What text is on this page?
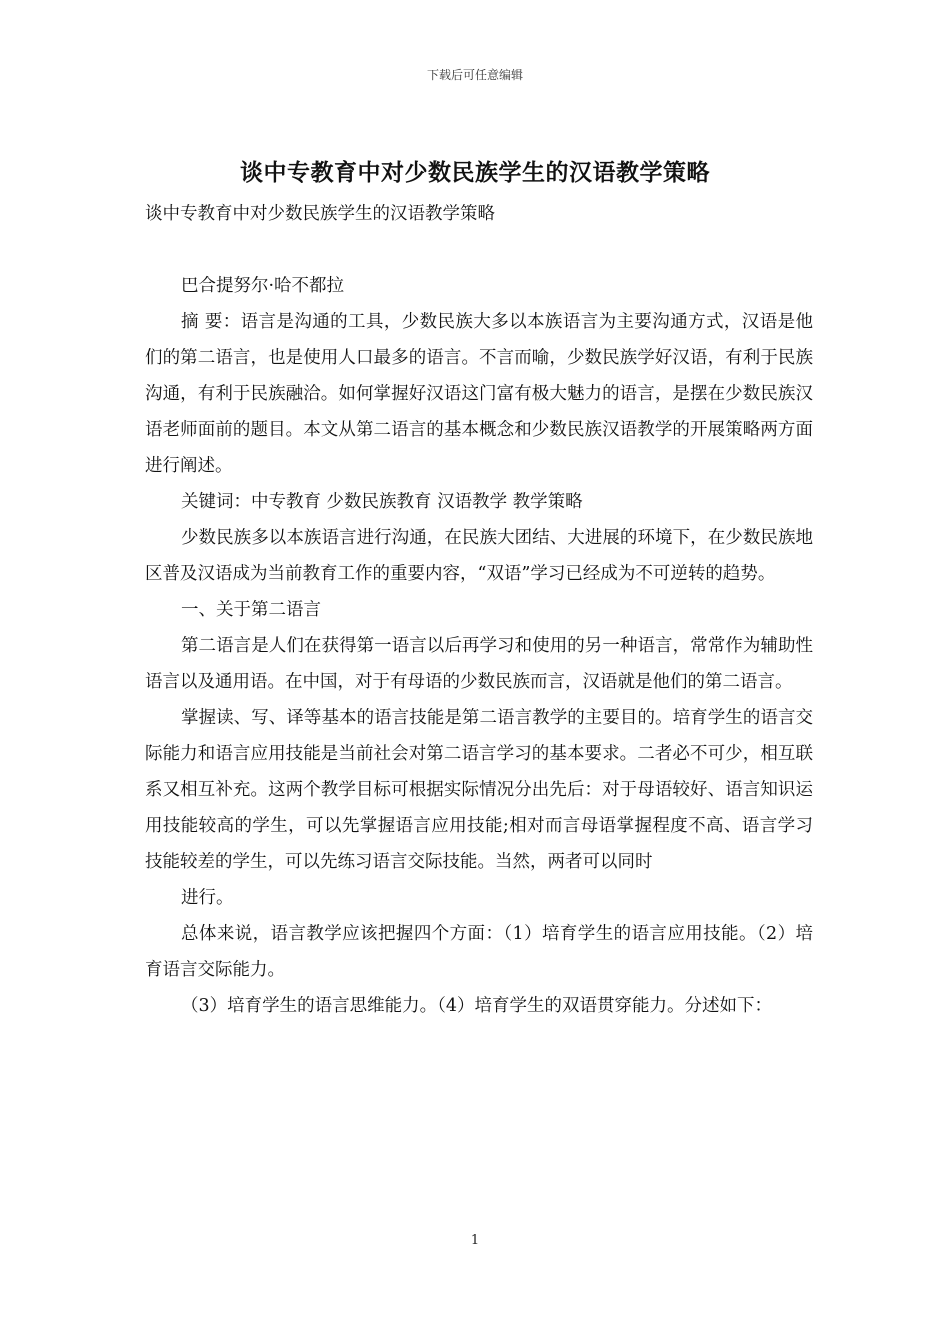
下载后可任意编辑
谈中专教育中对少数民族学生的汉语教学策略

谈中专教育中对少数民族学生的汉语教学策略

巴合提努尔·哈不都拉

摘 要：语言是沟通的工具，少数民族大多以本族语言为主要沟通方式，汉语是他们的第二语言，也是使用人口最多的语言。不言而喻，少数民族学好汉语，有利于民族沟通，有利于民族融洽。如何掌握好汉语这门富有极大魅力的语言，是摆在少数民族汉语老师面前的题目。本文从第二语言的基本概念和少数民族汉语教学的开展策略两方面进行阐述。

关键词：中专教育 少数民族教育 汉语教学 教学策略

少数民族多以本族语言进行沟通，在民族大团结、大进展的环境下，在少数民族地区普及汉语成为当前教育工作的重要内容，“双语”学习已经成为不可逆转的趋势。

一、关于第二语言

第二语言是人们在获得第一语言以后再学习和使用的另一种语言，常常作为辅助性语言以及通用语。在中国，对于有母语的少数民族而言，汉语就是他们的第二语言。

掌握读、写、译等基本的语言技能是第二语言教学的主要目的。培育学生的语言交际能力和语言应用技能是当前社会对第二语言学习的基本要求。二者必不可少，相互联系又相互补充。这两个教学目标可根据实际情况分出先后：对于母语较好、语言知识运用技能较高的学生，可以先掌握语言应用技能;相对而言母语掌握程度不高、语言学习技能较差的学生，可以先练习语言交际技能。当然，两者可以同时

进行。

总体来说，语言教学应该把握四个方面：（1）培育学生的语言应用技能。（2）培育语言交际能力。

（3）培育学生的语言思维能力。（4）培育学生的双语贯穿能力。分述如下：

1
